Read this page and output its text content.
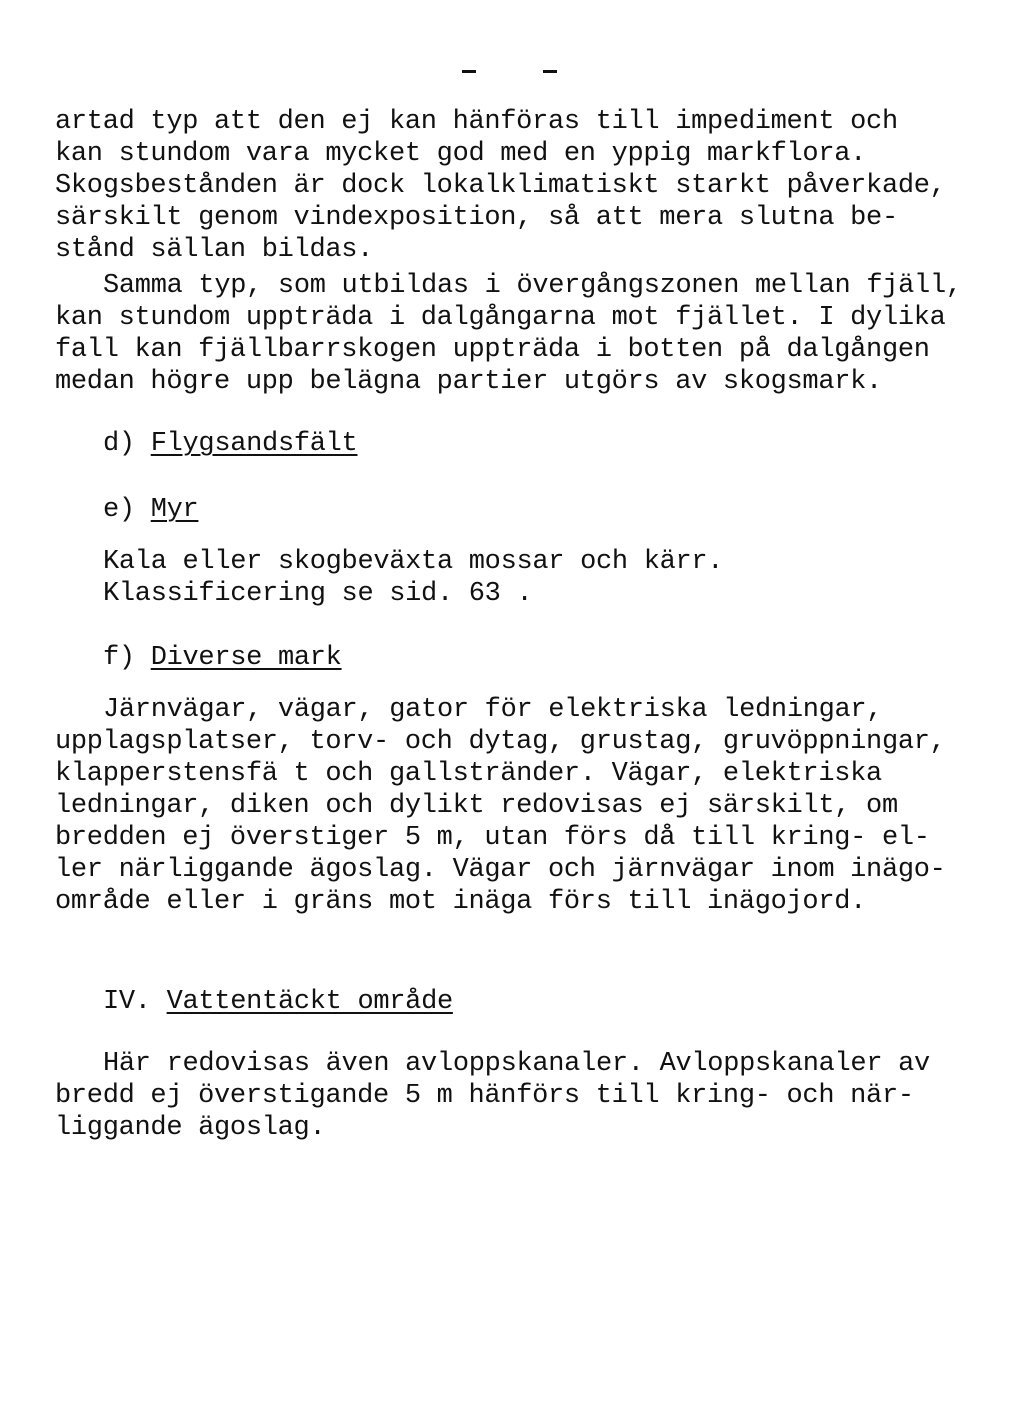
artad typ att den ej kan hänföras till impediment och
kan stundom vara mycket god med en yppig markflora.
Skogsbestånden är dock lokalklimatiskt starkt påverkade,
särskilt genom vindexposition, så att mera slutna be-
stånd sällan bildas.
Samma typ, som utbildas i övergångszonen mellan fjäll,
kan stundom uppträda i dalgångarna mot fjället. I dylika
fall kan fjällbarrskogen uppträda i botten på dalgången
medan högre upp belägna partier utgörs av skogsmark.
d) Flygsandsfält
e) Myr
Kala eller skogbeväxta mossar och kärr.
Klassificering se sid. 63 .
f) Diverse mark
Järnvägar, vägar, gator för elektriska ledningar,
upplagsplatser, torv- och dytag, grustag, gruvöppningar,
klapperstensfä t och gallstränder. Vägar, elektriska
ledningar, diken och dylikt redovisas ej särskilt, om
bredden ej överstiger 5 m, utan förs då till kring- el-
ler närliggande ägoslag. Vägar och järnvägar inom inägo-
område eller i gräns mot inäga förs till inägojord.
IV. Vattentäckt område
Här redovisas även avloppskanaler. Avloppskanaler av
bredd ej överstigande 5 m hänförs till kring- och när-
liggande ägoslag.
